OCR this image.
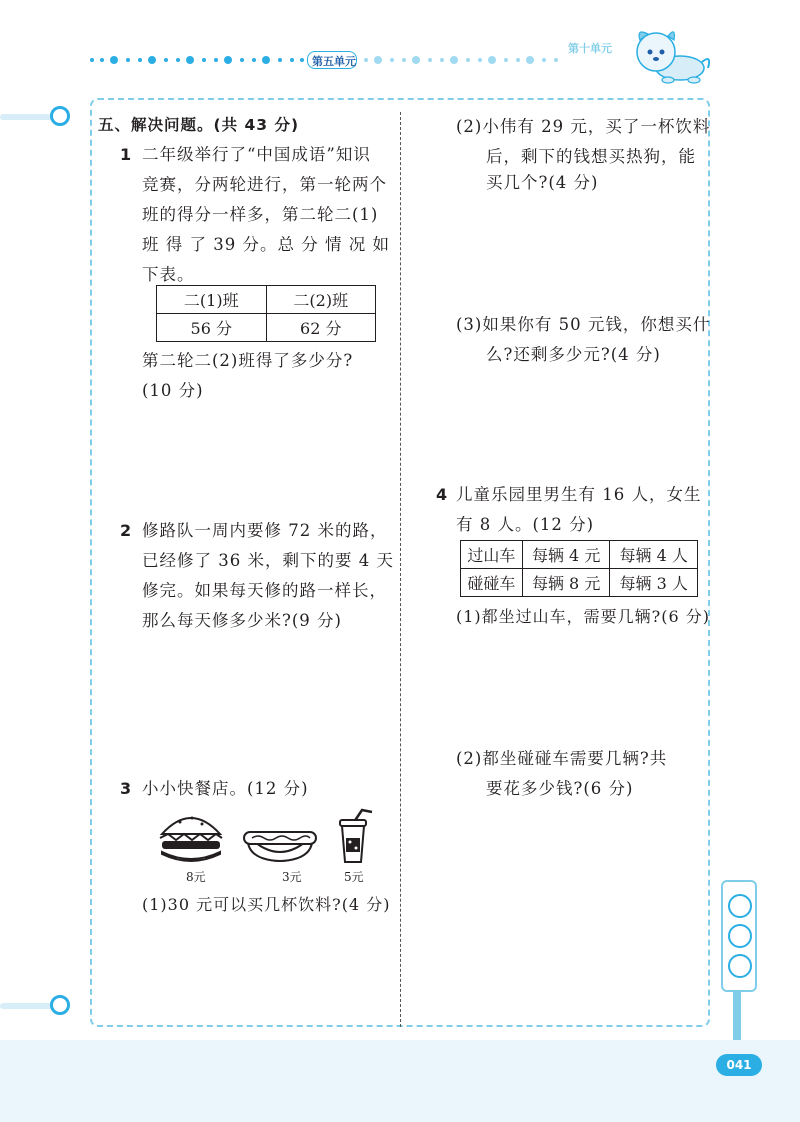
第五单元
第十单元
五、解决问题。(共 43 分)
1 二年级举行了“中国成语”知识
竞赛，分两轮进行，第一轮两个
班的得分一样多，第二轮二(1)
班 得 了 39 分。总 分 情 况 如
下表。
二(1)班	二(2)班
56 分	62 分
第二轮二(2)班得了多少分?
(10 分)
2 修路队一周内要修 72 米的路，
已经修了 36 米，剩下的要 4 天
修完。如果每天修的路一样长，
那么每天修多少米?(9 分)
3 小小快餐店。(12 分)
8元	3元	5元
(1)30 元可以买几杯饮料?(4 分)
(2)小伟有 29 元，买了一杯饮料
后，剩下的钱想买热狗，能
买几个?(4 分)
(3)如果你有 50 元钱，你想买什
么?还剩多少元?(4 分)
4 儿童乐园里男生有 16 人，女生
有 8 人。(12 分)
过山车	每辆 4 元	每辆 4 人
碰碰车	每辆 8 元	每辆 3 人
(1)都坐过山车，需要几辆?(6 分)
(2)都坐碰碰车需要几辆?共
要花多少钱?(6 分)
041
